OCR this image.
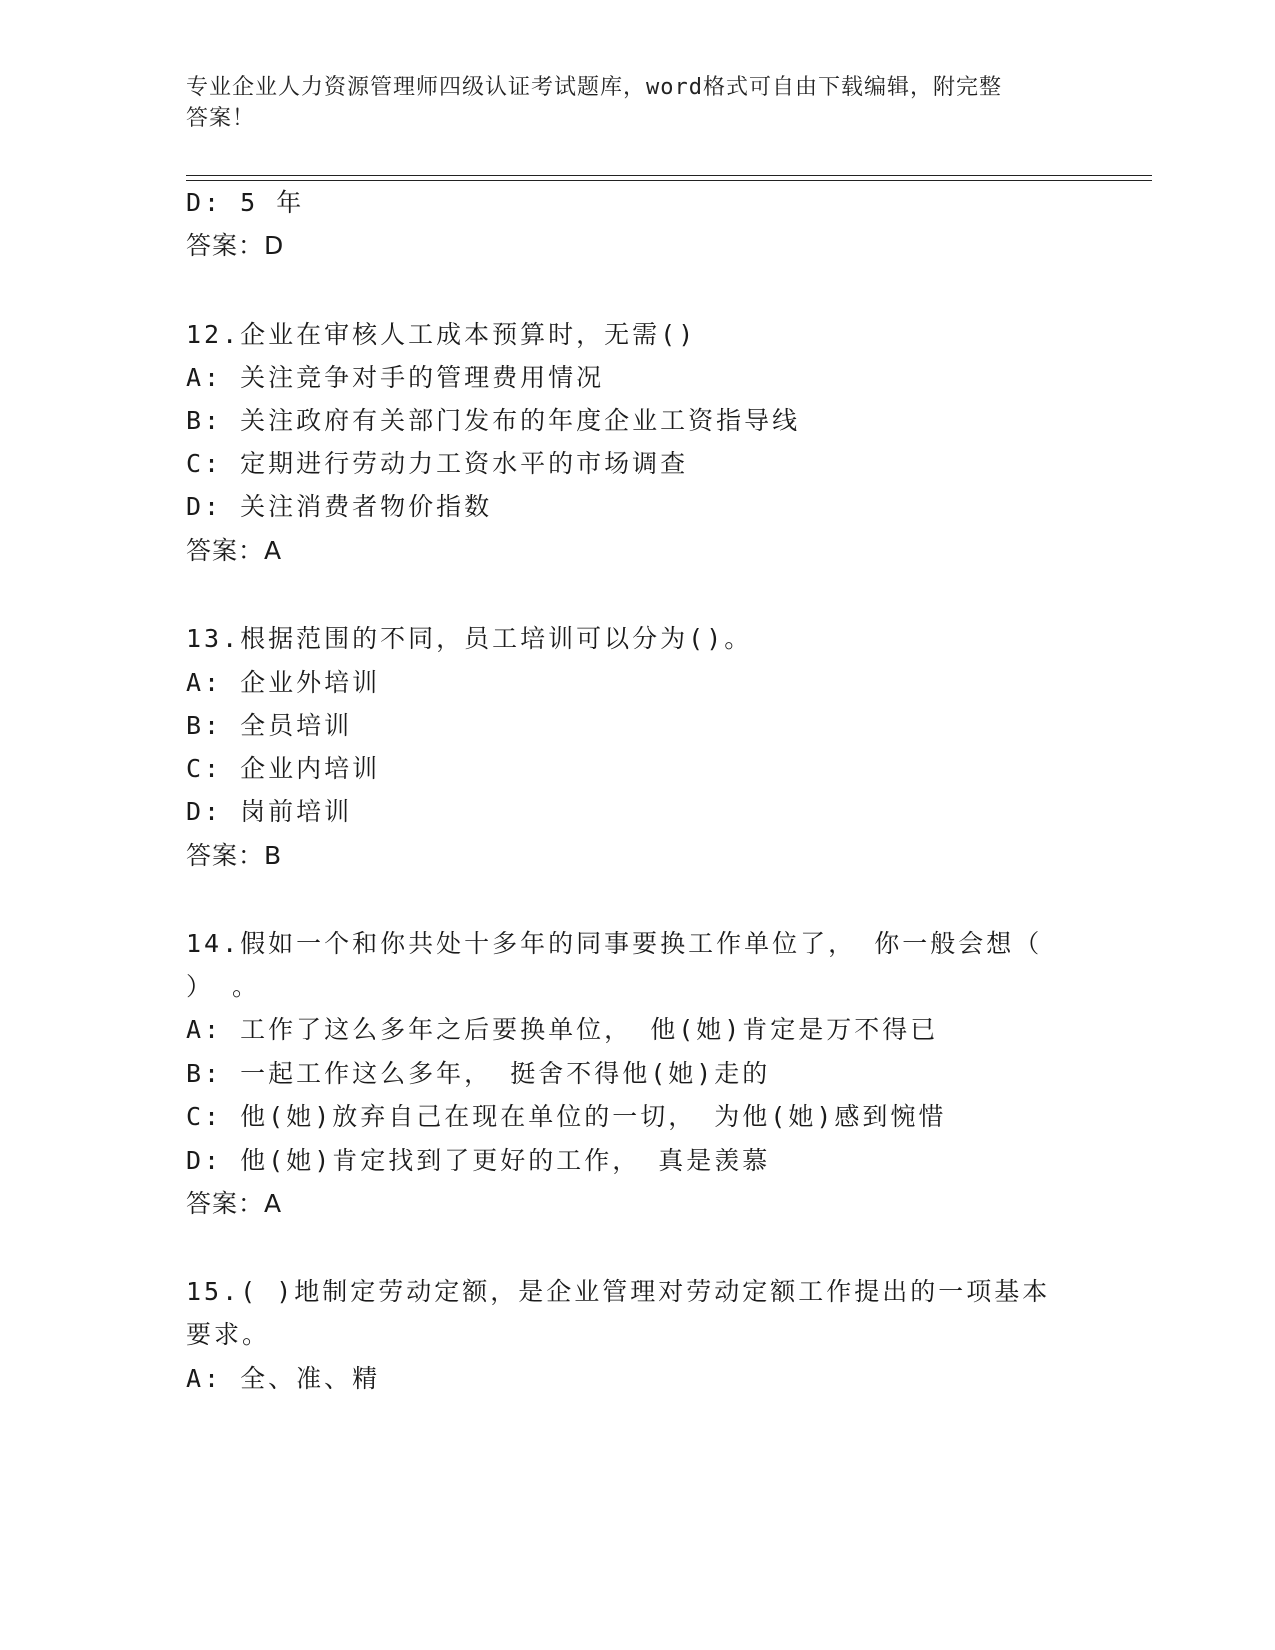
专业企业人力资源管理师四级认证考试题库，word格式可自由下载编辑，附完整
答案！
D: 5 年
答案：D
12.企业在审核人工成本预算时，无需()
A: 关注竞争对手的管理费用情况
B: 关注政府有关部门发布的年度企业工资指导线
C: 定期进行劳动力工资水平的市场调查
D: 关注消费者物价指数
答案：A
13.根据范围的不同，员工培训可以分为()。
A: 企业外培训
B: 全员培训
C: 企业内培训
D: 岗前培训
答案：B
14.假如一个和你共处十多年的同事要换工作单位了， 你一般会想（
） 。
A: 工作了这么多年之后要换单位， 他(她)肯定是万不得已
B: 一起工作这么多年， 挺舍不得他(她)走的
C: 他(她)放弃自己在现在单位的一切， 为他(她)感到惋惜
D: 他(她)肯定找到了更好的工作， 真是羡慕
答案：A
15.( )地制定劳动定额，是企业管理对劳动定额工作提出的一项基本
要求。
A: 全、准、精
